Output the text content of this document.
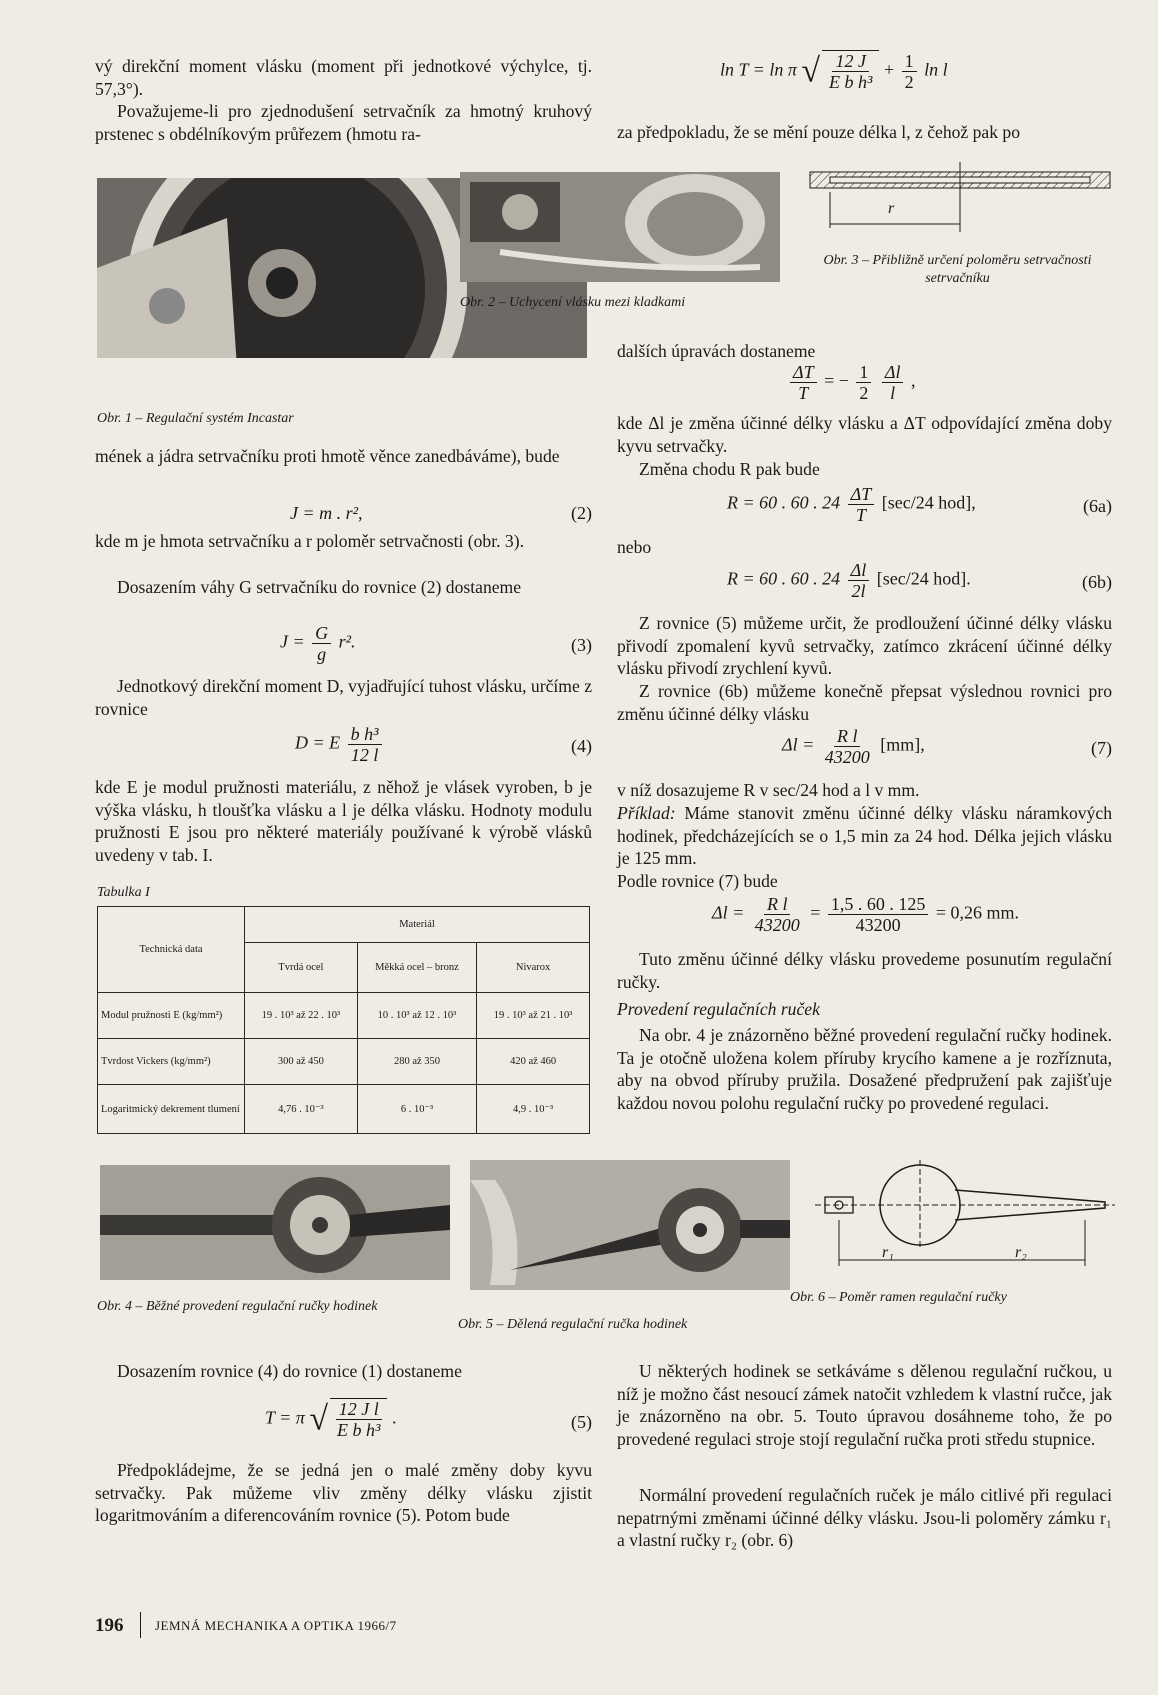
vý direkční moment vlásku (moment při jednotkové výchylce, tj. 57,3°).
Považujeme-li pro zjednodušení setrvačník za hmotný kruhový prstenec s obdélníkovým průřezem (hmotu ra-
Obr. 2 – Uchycení vlásku mezi kladkami
Obr. 1 – Regulační systém Incastar
mének a jádra setrvačníku proti hmotě věnce zanedbáváme), bude
J = m . r²,	(2)
kde m je hmota setrvačníku a r poloměr setrvačnosti (obr. 3).
Dosazením váhy G setrvačníku do rovnice (2) dostaneme
$J = \frac{G}{g} r^2$.	(3)
Jednotkový direkční moment D, vyjadřující tuhost vlásku, určíme z rovnice
D = E $\frac{\text{b h³}}{12 l}$	(4)
kde E je modul pružnosti materiálu, z něhož je vlásek vyroben, b je výška vlásku, h tloušťka vlásku a l je délka vlásku. Hodnoty modulu pružnosti E jsou pro některé materiály používané k výrobě vlásků uvedeny v tab. I.
Tabulka I
Technická data	Materiál		
	Tvrdá ocel	Měkká ocel – bronz	Nivarox
Modul pružnosti E (kg/mm²)	19 . 10³ až 22 . 10³	10 . 10³ až 12 . 10³	19 . 10³ až 21 . 10³
Tvrdost Vickers (kg/mm²)	300 až 450	280 až 350	420 až 460
Logaritmický dekrement tlumení	4,76 . 10⁻³	6 . 10⁻³	4,9 . 10⁻³
Obr. 4 – Běžné provedení regulační ručky hodinek
Obr. 5 – Dělená regulační ručka hodinek
Dosazením rovnice (4) do rovnice (1) dostaneme
T = π √ $\frac{\text{12 J l}}{\text{E b h³}}$ .	(5)
Předpokládejme, že se jedná jen o malé změny doby kyvu setrvačky. Pak můžeme vliv změny délky vlásku zjistit logaritmováním a diferencováním rovnice (5). Potom bude
196 JEMNÁ MECHANIKA A OPTIKA 1966/7
ln T = ln π √ $\frac{12 J}{\text{E b h³}} + \frac{1}{2}$ ln l
za předpokladu, že se mění pouze délka l, z čehož pak po
r
Obr. 3 – Přibližně určení poloměru setrvačnosti setrvačníku
dalších úpravách dostaneme
$\frac{\Delta T}{T}$ = − $\frac{1}{2}$
$\frac{\Delta l}{l}$ ,
kde Δl je změna účinné délky vlásku a ΔT odpovídající změna doby kyvu setrvačky.
Změna chodu R pak bude
R = 60 . 60 . $24 \frac{\Delta T}{T} [\sec/24$ hod],	(6a)
nebo
R = 60 . 60 . $24 \frac{\Delta l}{2l} [\sec/24$ hod].	(6b)
Z rovnice (5) můžeme určit, že prodloužení účinné délky vlásku přivodí zpomalení kyvů setrvačky, zatímco zkrácení účinné délky vlásku přivodí zrychlení kyvů.
Z rovnice (6b) můžeme konečně přepsat výslednou rovnici pro změnu účinné délky vlásku
$\Delta l = \frac{\text{R l}}{43200} [mm]$,	(7)
v níž dosazujeme R v sec/24 hod a l v mm.
Příklad: Máme stanovit změnu účinné délky vlásku náramkových hodinek, předcházejících se o 1,5 min za 24 hod. Délka jejich vlásku je 125 mm.
Podle rovnice (7) bude
$\Delta l = \frac{\text{R l}}{43200} = \frac{1,5 . 60 . 125}{43200} = 0,26$ mm.
Tuto změnu účinné délky vlásku provedeme posunutím regulační ručky.
Provedení regulačních ruček
Na obr. 4 je znázorněno běžné provedení regulační ručky hodinek. Ta je otočně uložena kolem příruby krycího kamene a je rozříznuta, aby na obvod příruby pružila. Dosažené předpružení pak zajišťuje každou novou polohu regulační ručky po provedené regulaci.
r₁	r₂
Obr. 6 – Poměr ramen regulační ručky
U některých hodinek se setkáváme s dělenou regulační ručkou, u níž je možno část nesoucí zámek natočit vzhledem k vlastní ručce, jak je znázorněno na obr. 5. Touto úpravou dosáhneme toho, že po provedené regulaci stroje stojí regulační ručka proti středu stupnice.
Normální provedení regulačních ruček je málo citlivé při regulaci nepatrnými změnami účinné délky vlásku. Jsou-li poloměry zámku r₁ a vlastní ručky r₂ (obr. 6)
